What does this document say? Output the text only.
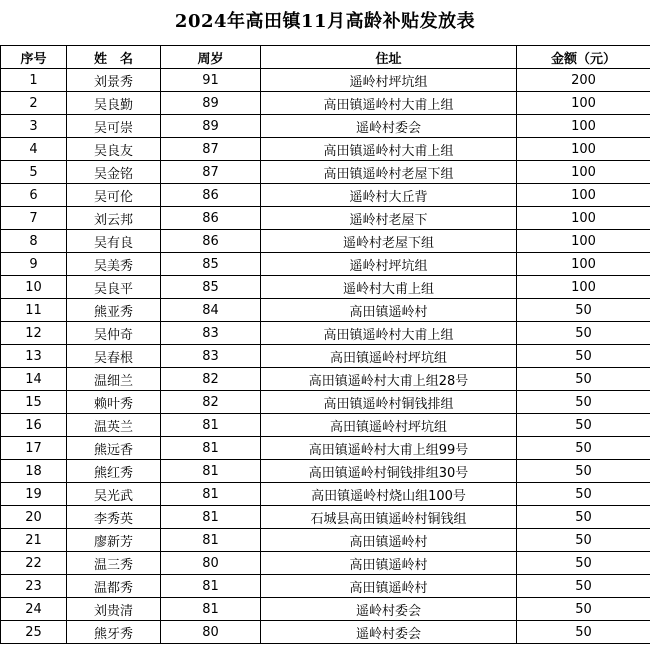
2024年高田镇11月高龄补贴发放表
序号	姓　名	周岁	住址	金额（元）
1	刘景秀	91	遥岭村坪坑组	200
2	吴良勤	89	高田镇遥岭村大甫上组	100
3	吴可崇	89	遥岭村委会	100
4	吴良友	87	高田镇遥岭村大甫上组	100
5	吴金铭	87	高田镇遥岭村老屋下组	100
6	吴可伦	86	遥岭村大丘背	100
7	刘云邦	86	遥岭村老屋下	100
8	吴有良	86	遥岭村老屋下组	100
9	吴美秀	85	遥岭村坪坑组	100
10	吴良平	85	遥岭村大甫上组	100
11	熊亚秀	84	高田镇遥岭村	50
12	吴仲奇	83	高田镇遥岭村大甫上组	50
13	吴春根	83	高田镇遥岭村坪坑组	50
14	温细兰	82	高田镇遥岭村大甫上组28号	50
15	赖叶秀	82	高田镇遥岭村铜钱排组	50
16	温英兰	81	高田镇遥岭村坪坑组	50
17	熊远香	81	高田镇遥岭村大甫上组99号	50
18	熊红秀	81	高田镇遥岭村铜钱排组30号	50
19	吴光武	81	高田镇遥岭村烧山组100号	50
20	李秀英	81	石城县高田镇遥岭村铜钱组	50
21	廖新芳	81	高田镇遥岭村	50
22	温三秀	80	高田镇遥岭村	50
23	温都秀	81	高田镇遥岭村	50
24	刘贵清	81	遥岭村委会	50
25	熊牙秀	80	遥岭村委会	50
